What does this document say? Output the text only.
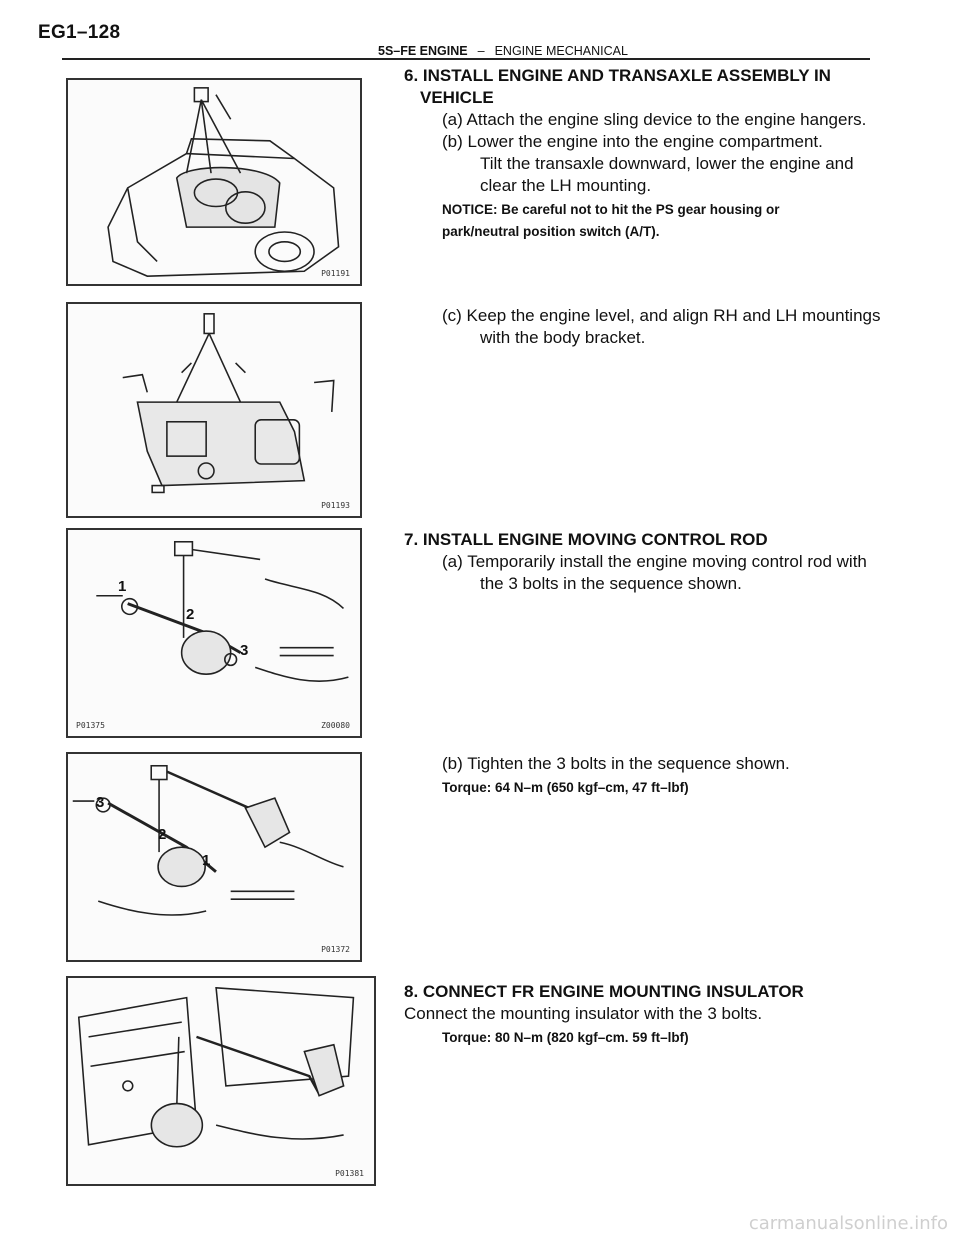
EG1–128
5S–FE ENGINE – ENGINE MECHANICAL
P01191
P01193
1
2
3
P01375	Z00080
3
2
1
P01372
P01381
6. INSTALL ENGINE AND TRANSAXLE ASSEMBLY IN
VEHICLE
(a) Attach the engine sling device to the engine hangers.
(b) Lower the engine into the engine compartment.
Tilt the transaxle downward, lower the engine and
clear the LH mounting.
NOTICE: Be careful not to hit the PS gear housing or
park/neutral position switch (A/T).
(c) Keep the engine level, and align RH and LH mountings
with the body bracket.
7. INSTALL ENGINE MOVING CONTROL ROD
(a) Temporarily install the engine moving control rod with
the 3 bolts in the sequence shown.
(b) Tighten the 3 bolts in the sequence shown.
Torque: 64 N–m (650 kgf–cm, 47 ft–lbf)
8. CONNECT FR ENGINE MOUNTING INSULATOR
Connect the mounting insulator with the 3 bolts.
Torque: 80 N–m (820 kgf–cm. 59 ft–lbf)
carmanualsonline.info
